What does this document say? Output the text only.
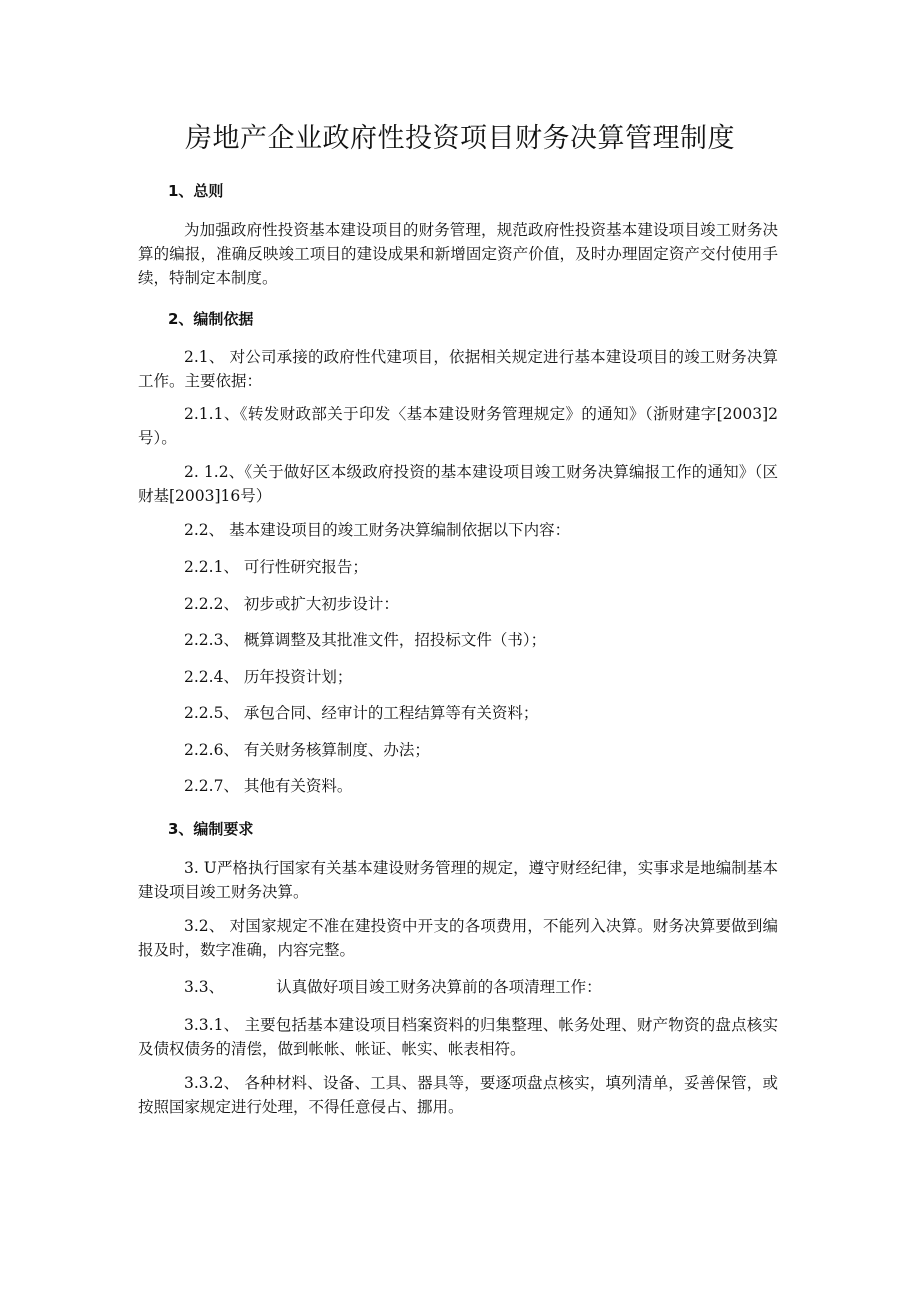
房地产企业政府性投资项目财务决算管理制度
1、总则
为加强政府性投资基本建设项目的财务管理，规范政府性投资基本建设项目竣工财务决算的编报，准确反映竣工项目的建设成果和新增固定资产价值，及时办理固定资产交付使用手续，特制定本制度。
2、编制依据
2.1、 对公司承接的政府性代建项目，依据相关规定进行基本建设项目的竣工财务决算工作。主要依据：
2.1.1、《转发财政部关于印发〈基本建设财务管理规定》的通知》（浙财建字[2003]2号）。
2. 1.2、《关于做好区本级政府投资的基本建设项目竣工财务决算编报工作的通知》（区财基[2003]16号）
2.2、 基本建设项目的竣工财务决算编制依据以下内容：
2.2.1、 可行性研究报告；
2.2.2、 初步或扩大初步设计：
2.2.3、 概算调整及其批准文件，招投标文件（书）；
2.2.4、 历年投资计划；
2.2.5、 承包合同、经审计的工程结算等有关资料；
2.2.6、 有关财务核算制度、办法；
2.2.7、 其他有关资料。
3、编制要求
3. U严格执行国家有关基本建设财务管理的规定，遵守财经纪律，实事求是地编制基本建设项目竣工财务决算。
3.2、 对国家规定不准在建投资中开支的各项费用，不能列入决算。财务决算要做到编报及时，数字准确，内容完整。
3.3、	认真做好项目竣工财务决算前的各项清理工作：
3.3.1、 主要包括基本建设项目档案资料的归集整理、帐务处理、财产物资的盘点核实及债权债务的清偿，做到帐帐、帐证、帐实、帐表相符。
3.3.2、 各种材料、设备、工具、器具等，要逐项盘点核实，填列清单，妥善保管，或按照国家规定进行处理，不得任意侵占、挪用。
